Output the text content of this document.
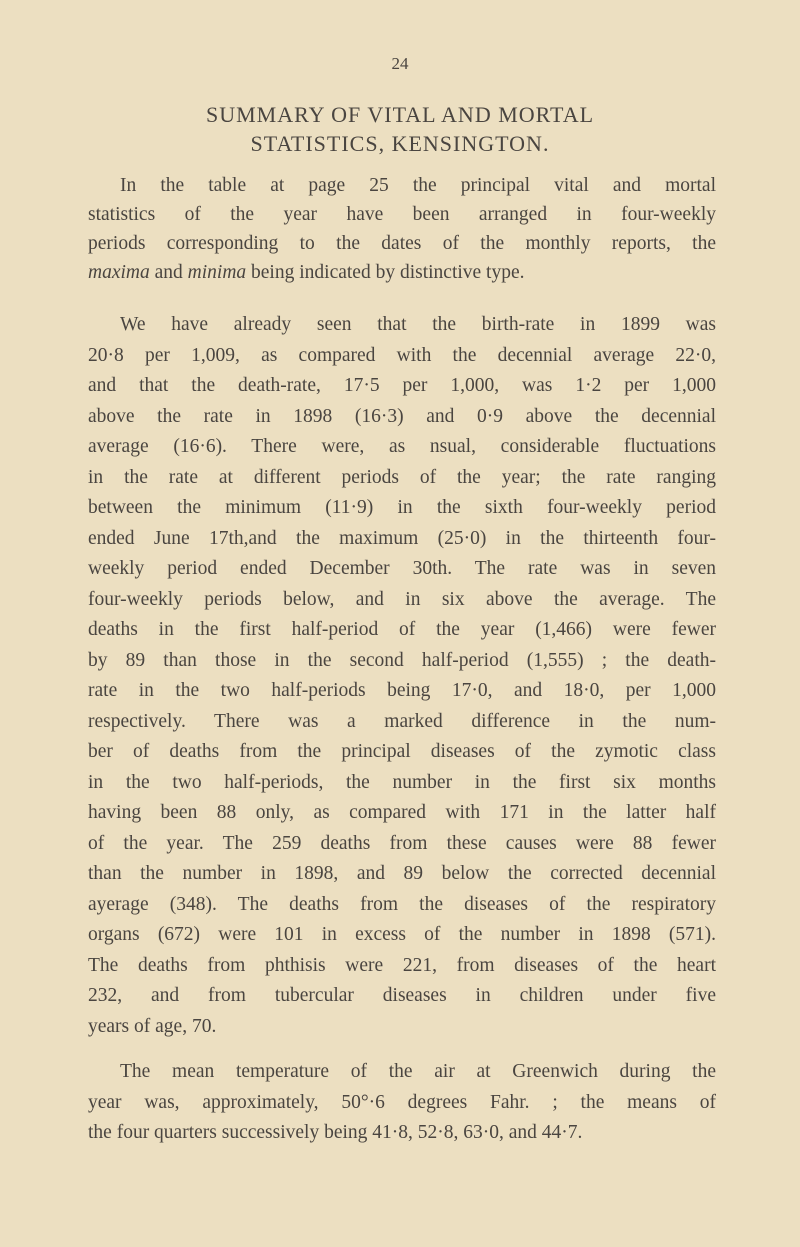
24
SUMMARY OF VITAL AND MORTAL
STATISTICS, KENSINGTON.
In the table at page 25 the principal vital and mortal
statistics of the year have been arranged in four-weekly
periods corresponding to the dates of the monthly reports, the
maxima and minima being indicated by distinctive type.
We have already seen that the birth-rate in 1899 was
20·8 per 1,009, as compared with the decennial average 22·0,
and that the death-rate, 17·5 per 1,000, was 1·2 per 1,000
above the rate in 1898 (16·3) and 0·9 above the decennial
average (16·6). There were, as nsual, considerable fluctuations
in the rate at different periods of the year; the rate ranging
between the minimum (11·9) in the sixth four-weekly period
ended June 17th,and the maximum (25·0) in the thirteenth four-
weekly period ended December 30th. The rate was in seven
four-weekly periods below, and in six above the average. The
deaths in the first half-period of the year (1,466) were fewer
by 89 than those in the second half-period (1,555) ; the death-
rate in the two half-periods being 17·0, and 18·0, per 1,000
respectively. There was a marked difference in the num-
ber of deaths from the principal diseases of the zymotic class
in the two half-periods, the number in the first six months
having been 88 only, as compared with 171 in the latter half
of the year. The 259 deaths from these causes were 88 fewer
than the number in 1898, and 89 below the corrected decennial
ayerage (348). The deaths from the diseases of the respiratory
organs (672) were 101 in excess of the number in 1898 (571).
The deaths from phthisis were 221, from diseases of the heart
232, and from tubercular diseases in children under five
years of age, 70.
The mean temperature of the air at Greenwich during the
year was, approximately, 50°·6 degrees Fahr. ; the means of
the four quarters successively being 41·8, 52·8, 63·0, and 44·7.
